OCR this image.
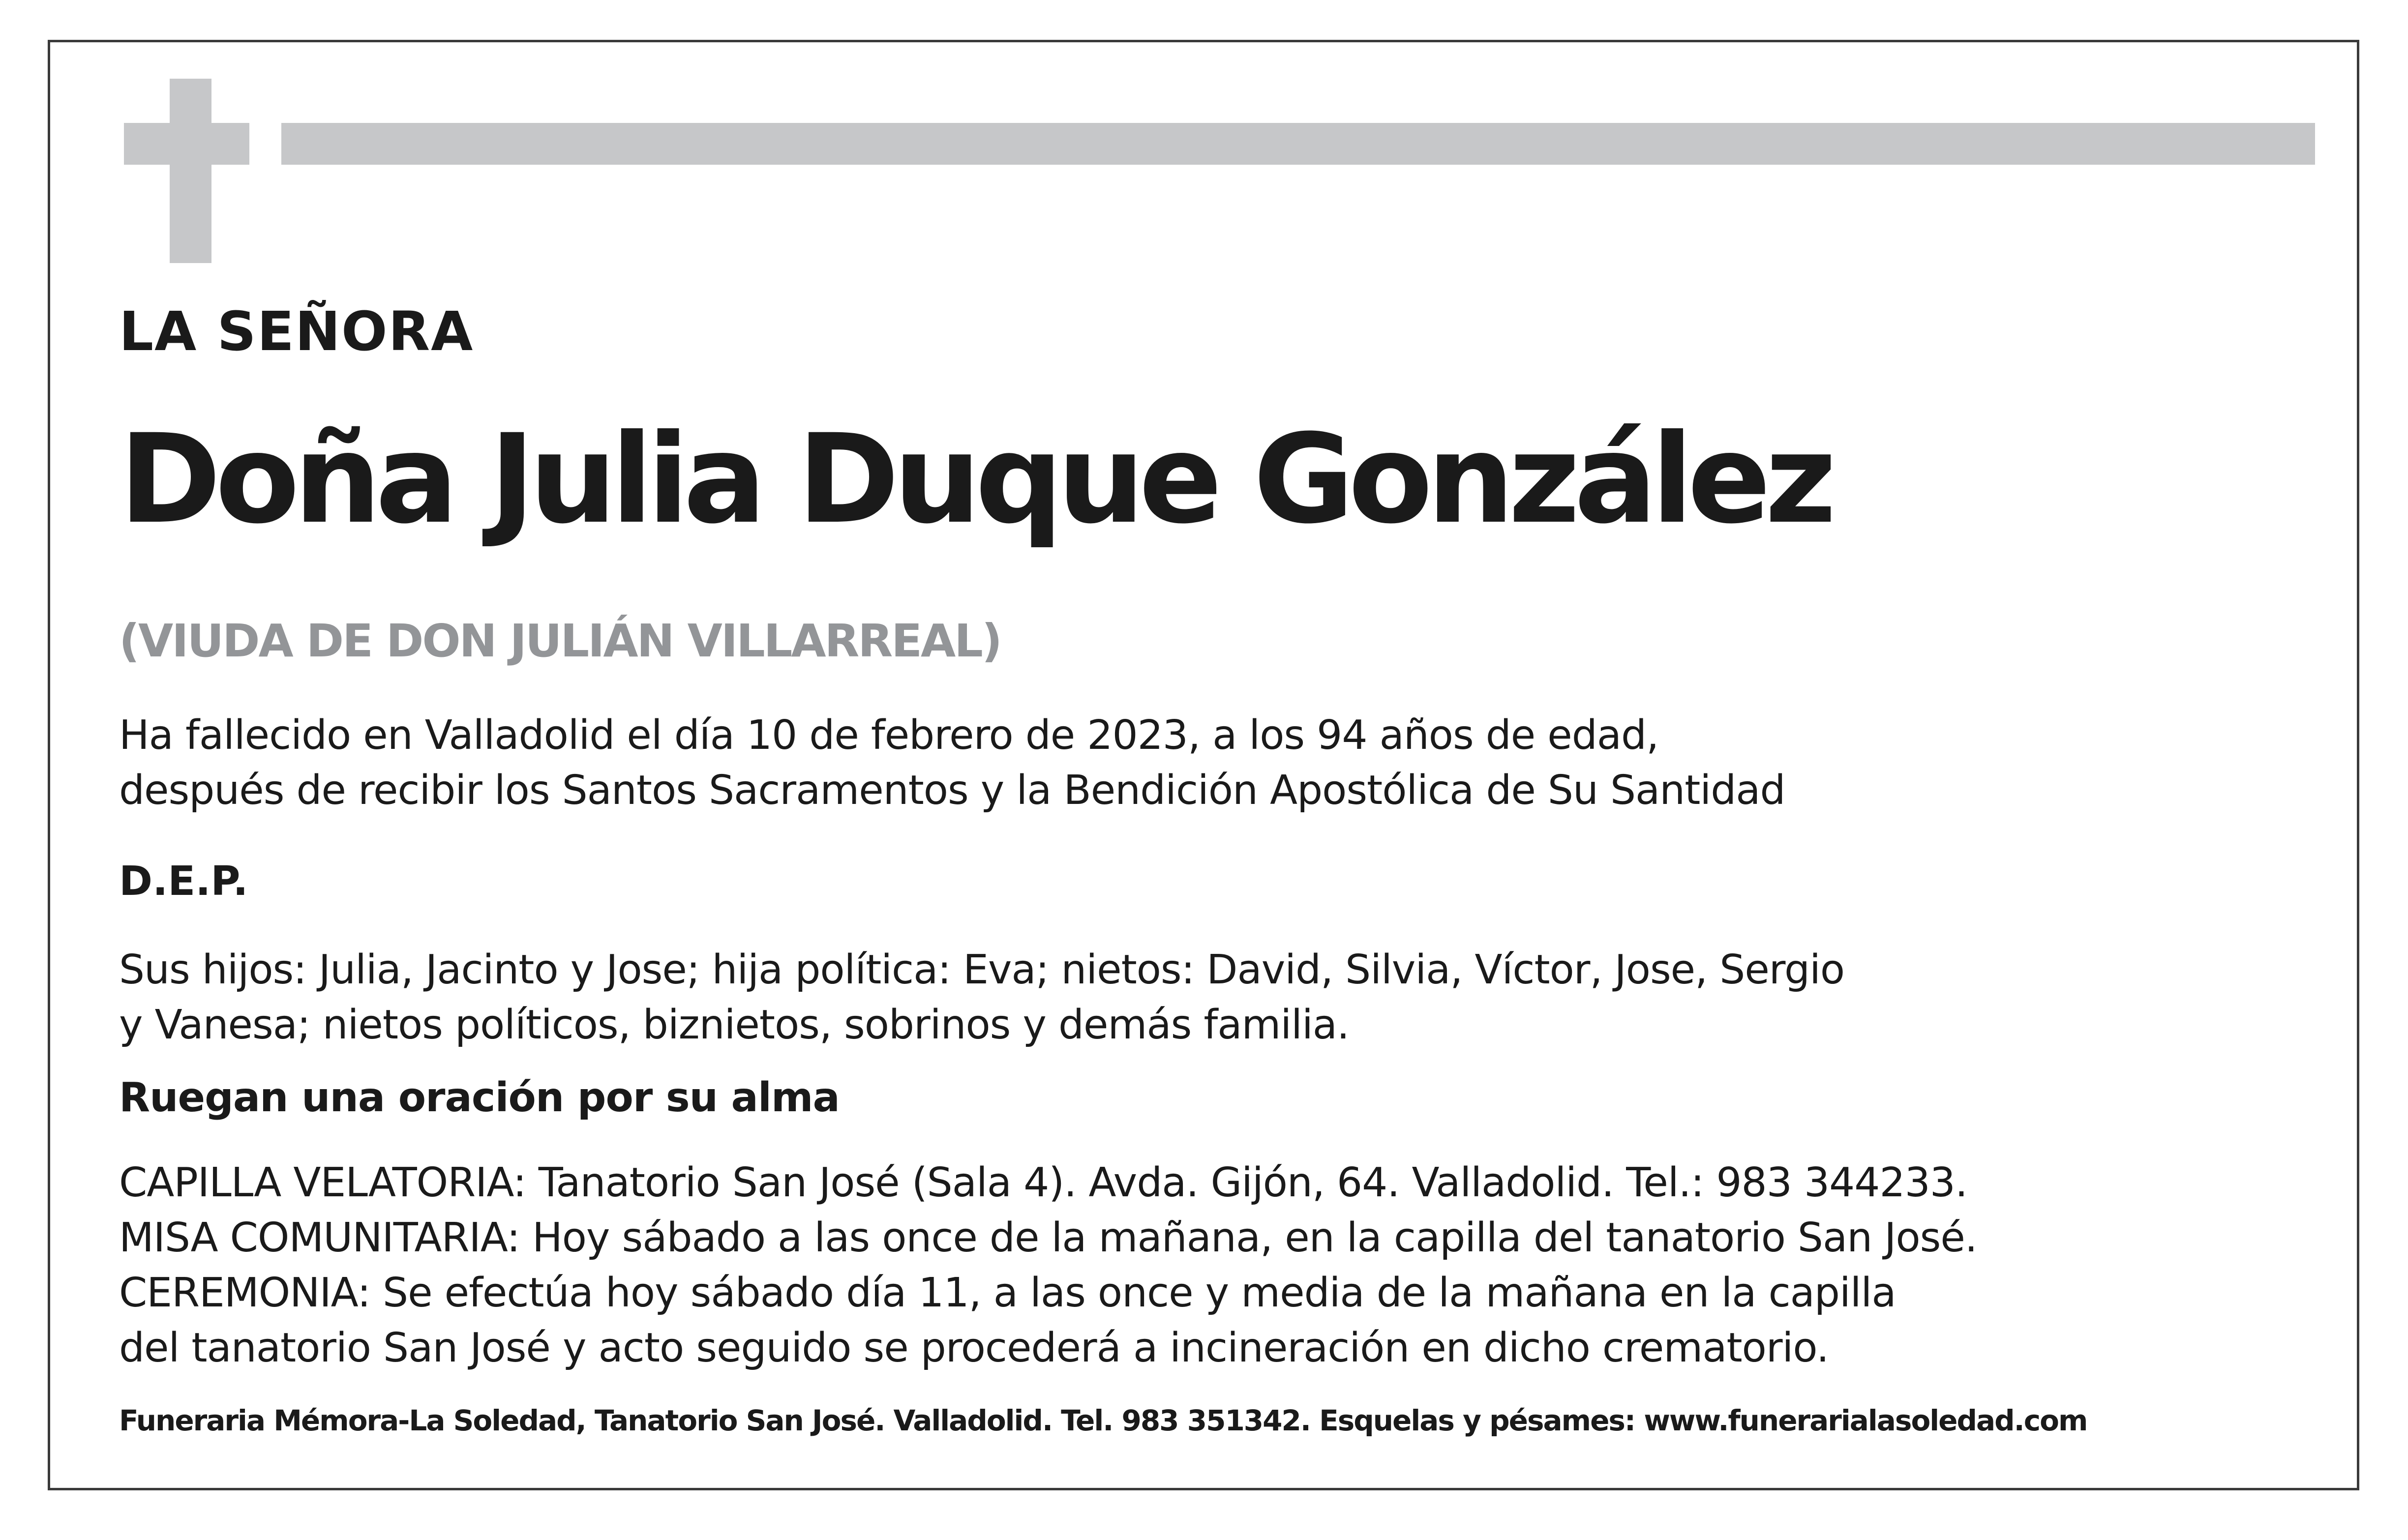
LA SEÑORA
Doña Julia Duque González
(VIUDA DE DON JULIÁN VILLARREAL)
Ha fallecido en Valladolid el día 10 de febrero de 2023, a los 94 años de edad,
después de recibir los Santos Sacramentos y la Bendición Apostólica de Su Santidad
D.E.P.
Sus hijos: Julia, Jacinto y Jose; hija política: Eva; nietos: David, Silvia, Víctor, Jose, Sergio
y Vanesa; nietos políticos, biznietos, sobrinos y demás familia.
Ruegan una oración por su alma
CAPILLA VELATORIA: Tanatorio San José (Sala 4). Avda. Gijón, 64. Valladolid. Tel.: 983 344233.
MISA COMUNITARIA: Hoy sábado a las once de la mañana, en la capilla del tanatorio San José.
CEREMONIA: Se efectúa hoy sábado día 11, a las once y media de la mañana en la capilla
del tanatorio San José y acto seguido se procederá a incineración en dicho crematorio.
Funeraria Mémora-La Soledad, Tanatorio San José. Valladolid. Tel. 983 351342. Esquelas y pésames: www.funerarialasoledad.com
